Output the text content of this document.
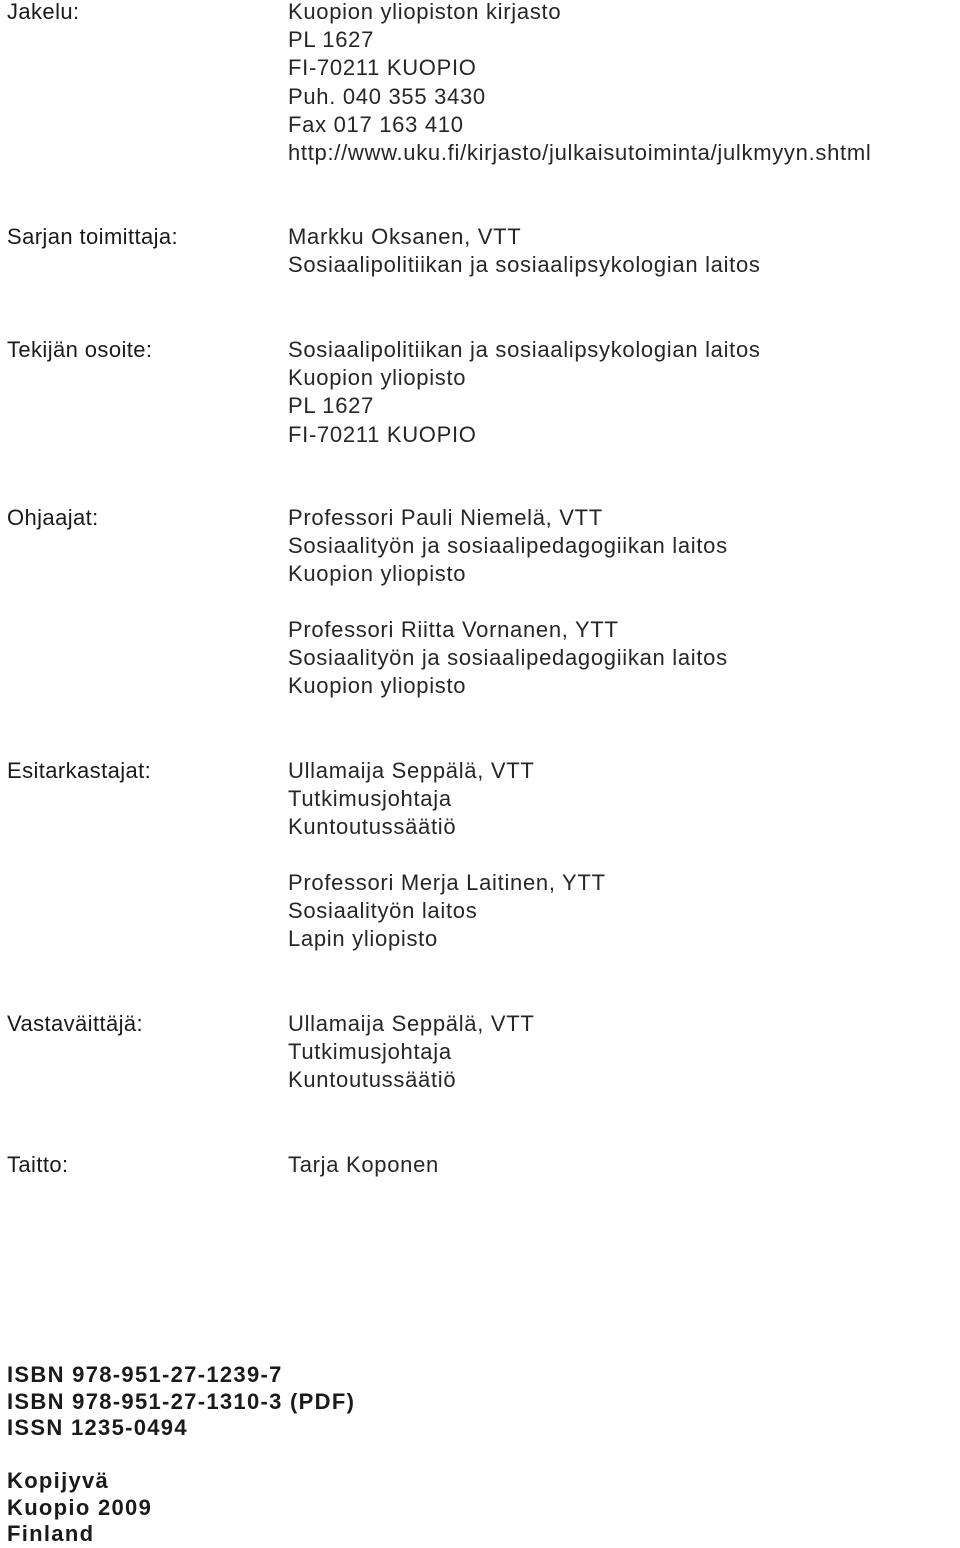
Jakelu:	Kuopion yliopiston kirjasto
PL 1627
FI-70211 KUOPIO
Puh. 040 355 3430
Fax 017 163 410
http://www.uku.fi/kirjasto/julkaisutoiminta/julkmyyn.shtml
Sarjan toimittaja:	Markku Oksanen, VTT
Sosiaalipolitiikan ja sosiaalipsykologian laitos
Tekijän osoite:	Sosiaalipolitiikan ja sosiaalipsykologian laitos
Kuopion yliopisto
PL 1627
FI-70211 KUOPIO
Ohjaajat:	Professori Pauli Niemelä, VTT
Sosiaalityön ja sosiaalipedagogiikan laitos
Kuopion yliopisto
Professori Riitta Vornanen, YTT
Sosiaalityön ja sosiaalipedagogiikan laitos
Kuopion yliopisto
Esitarkastajat:	Ullamaija Seppälä, VTT
Tutkimusjohtaja
Kuntoutussäätiö
Professori Merja Laitinen, YTT
Sosiaalityön laitos
Lapin yliopisto
Vastaväittäjä:	Ullamaija Seppälä, VTT
Tutkimusjohtaja
Kuntoutussäätiö
Taitto:	Tarja Koponen
ISBN 978-951-27-1239-7
ISBN 978-951-27-1310-3 (PDF)
ISSN 1235-0494
Kopijyvä
Kuopio 2009
Finland
